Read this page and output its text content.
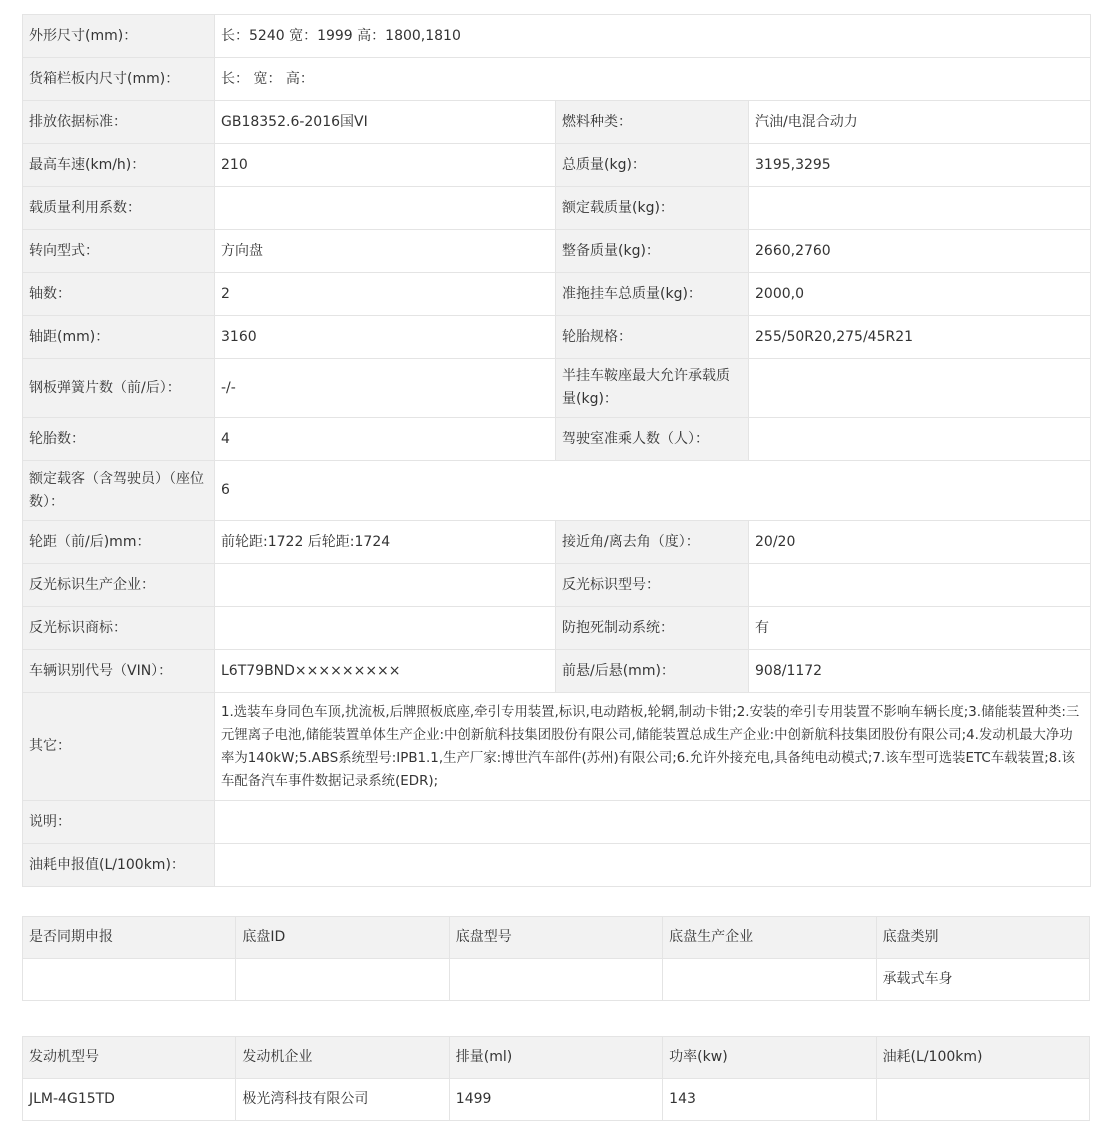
外形尺寸(mm)：	长：5240 宽：1999 高：1800,1810		
货箱栏板内尺寸(mm)：	长： 宽： 高：		
排放依据标准：	GB18352.6-2016国VI	燃料种类：	汽油/电混合动力
最高车速(km/h)：	210	总质量(kg)：	3195,3295
载质量利用系数：		额定载质量(kg)：	
转向型式：	方向盘	整备质量(kg)：	2660,2760
轴数：	2	准拖挂车总质量(kg)：	2000,0
轴距(mm)：	3160	轮胎规格：	255/50R20,275/45R21
钢板弹簧片数（前/后）：	-/-	半挂车鞍座最大允许承载质量(kg)：	
轮胎数：	4	驾驶室准乘人数（人）：	
额定载客（含驾驶员）（座位数）：	6		
轮距（前/后)mm：	前轮距:1722 后轮距:1724	接近角/离去角（度）：	20/20
反光标识生产企业：		反光标识型号：	
反光标识商标：		防抱死制动系统：	有
车辆识别代号（VIN）：	L6T79BND×××××××××	前悬/后悬(mm)：	908/1172
其它：	1.选装车身同色车顶,扰流板,后牌照板底座,牵引专用装置,标识,电动踏板,轮辋,制动卡钳;2.安装的牵引专用装置不影响车辆长度;3.储能装置种类:三元锂离子电池,储能装置单体生产企业:中创新航科技集团股份有限公司,储能装置总成生产企业:中创新航科技集团股份有限公司;4.发动机最大净功率为140kW;5.ABS系统型号:IPB1.1,生产厂家:博世汽车部件(苏州)有限公司;6.允许外接充电,具备纯电动模式;7.该车型可选装ETC车载装置;8.该车配备汽车事件数据记录系统(EDR);		
说明：			
油耗申报值(L/100km)：			
是否同期申报	底盘ID	底盘型号	底盘生产企业	底盘类别
				承载式车身
发动机型号	发动机企业	排量(ml)	功率(kw)	油耗(L/100km)
JLM-4G15TD	极光湾科技有限公司	1499	143	
